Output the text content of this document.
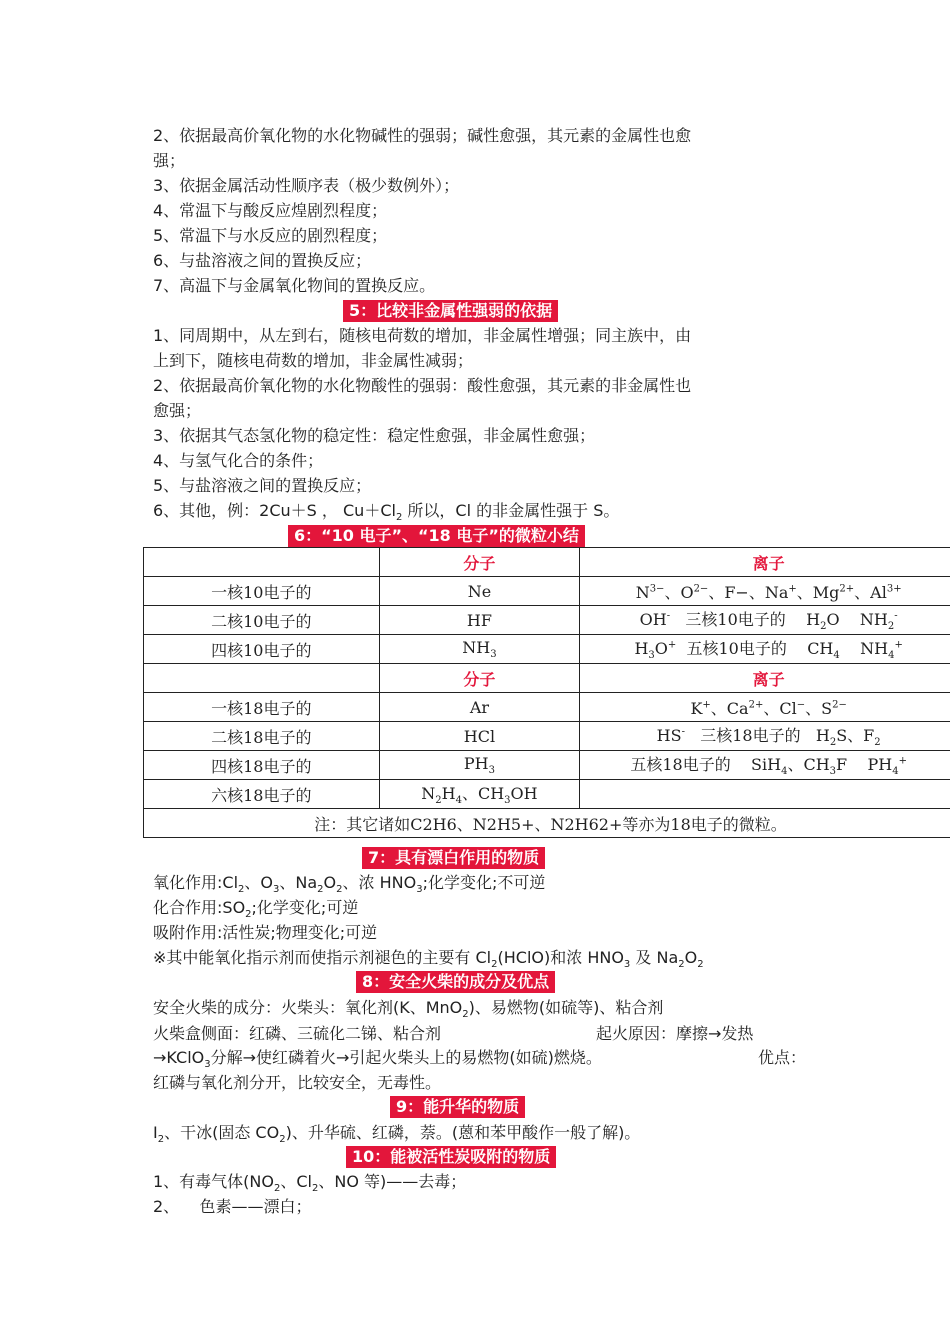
2、依据最高价氧化物的水化物碱性的强弱；碱性愈强，其元素的金属性也愈
强；
3、依据金属活动性顺序表（极少数例外）；
4、常温下与酸反应煌剧烈程度；
5、常温下与水反应的剧烈程度；
6、与盐溶液之间的置换反应；
7、高温下与金属氧化物间的置换反应。
5：比较非金属性强弱的依据
1、同周期中，从左到右，随核电荷数的增加，非金属性增强；同主族中，由
上到下，随核电荷数的增加，非金属性减弱；
2、依据最高价氧化物的水化物酸性的强弱：酸性愈强，其元素的非金属性也
愈强；
3、依据其气态氢化物的稳定性：稳定性愈强，非金属性愈强；
4、与氢气化合的条件；
5、与盐溶液之间的置换反应；
6、其他，例：2Cu＋S ， $Cu+Cl_2$ 所以，Cl 的非金属性强于 S。
6：“10 电子”、“18 电子”的微粒小结
	分子	离子
一核10电子的	Ne	$N^{3-}$、$O^{2-}$、F−、Na+、$Mg^{2+}$、$Al^{3+}$
二核10电子的	HF	OH- 三核10电子的    $H_2O$    $NH_2^-$
四核10电子的	$NH_3$	$H_3O^+$ 五核10电子的    $CH_4$    $NH_4^+$
	分子	离子
一核18电子的	Ar	K+、$Ca^{2+}$、Cl−、$S^{2-}$
二核18电子的	HCl	HS- 三核18电子的   $H_2S$、$F_2$
四核18电子的	$PH_3$	五核18电子的    SiH$_4$、$CH_3F$    $PH_4^+$
六核18电子的	$N_2H_4$、$CH_3OH$	
注：其它诸如C2H6、N2H5+、N2H62+等亦为18电子的微粒。		
7：具有漂白作用的物质
氧化作用$:Cl_2$、$O_3$、$Na_2O_2$、浓 $HNO_3$;化学变化;不可逆
化合作用$:SO_2$;化学变化;可逆
吸附作用:活性炭;物理变化;可逆
※其中能氧化指示剂而使指示剂褪色的主要有 $Cl_2(HClO)$和浓 $HNO_3$ 及 $Na_2O_2$
8：安全火柴的成分及优点
安全火柴的成分：火柴头：氧化剂(K、MnO$_2$)、易燃物(如硫等)、粘合剂
火柴盒侧面：红磷、三硫化二锑、粘合剂	起火原因：摩擦→发热
→KClO$_3$分解→使红磷着火→引起火柴头上的易燃物(如硫)燃烧。	优点：
红磷与氧化剂分开，比较安全，无毒性。
9：能升华的物质
$I_2$、干冰(固态 $CO_2$)、升华硫、红磷，萘。(蒽和苯甲酸作一般了解)。
10：能被活性炭吸附的物质
1、有毒气体($NO_2$、$Cl_2$、NO 等)——去毒；
2、    色素——漂白；
